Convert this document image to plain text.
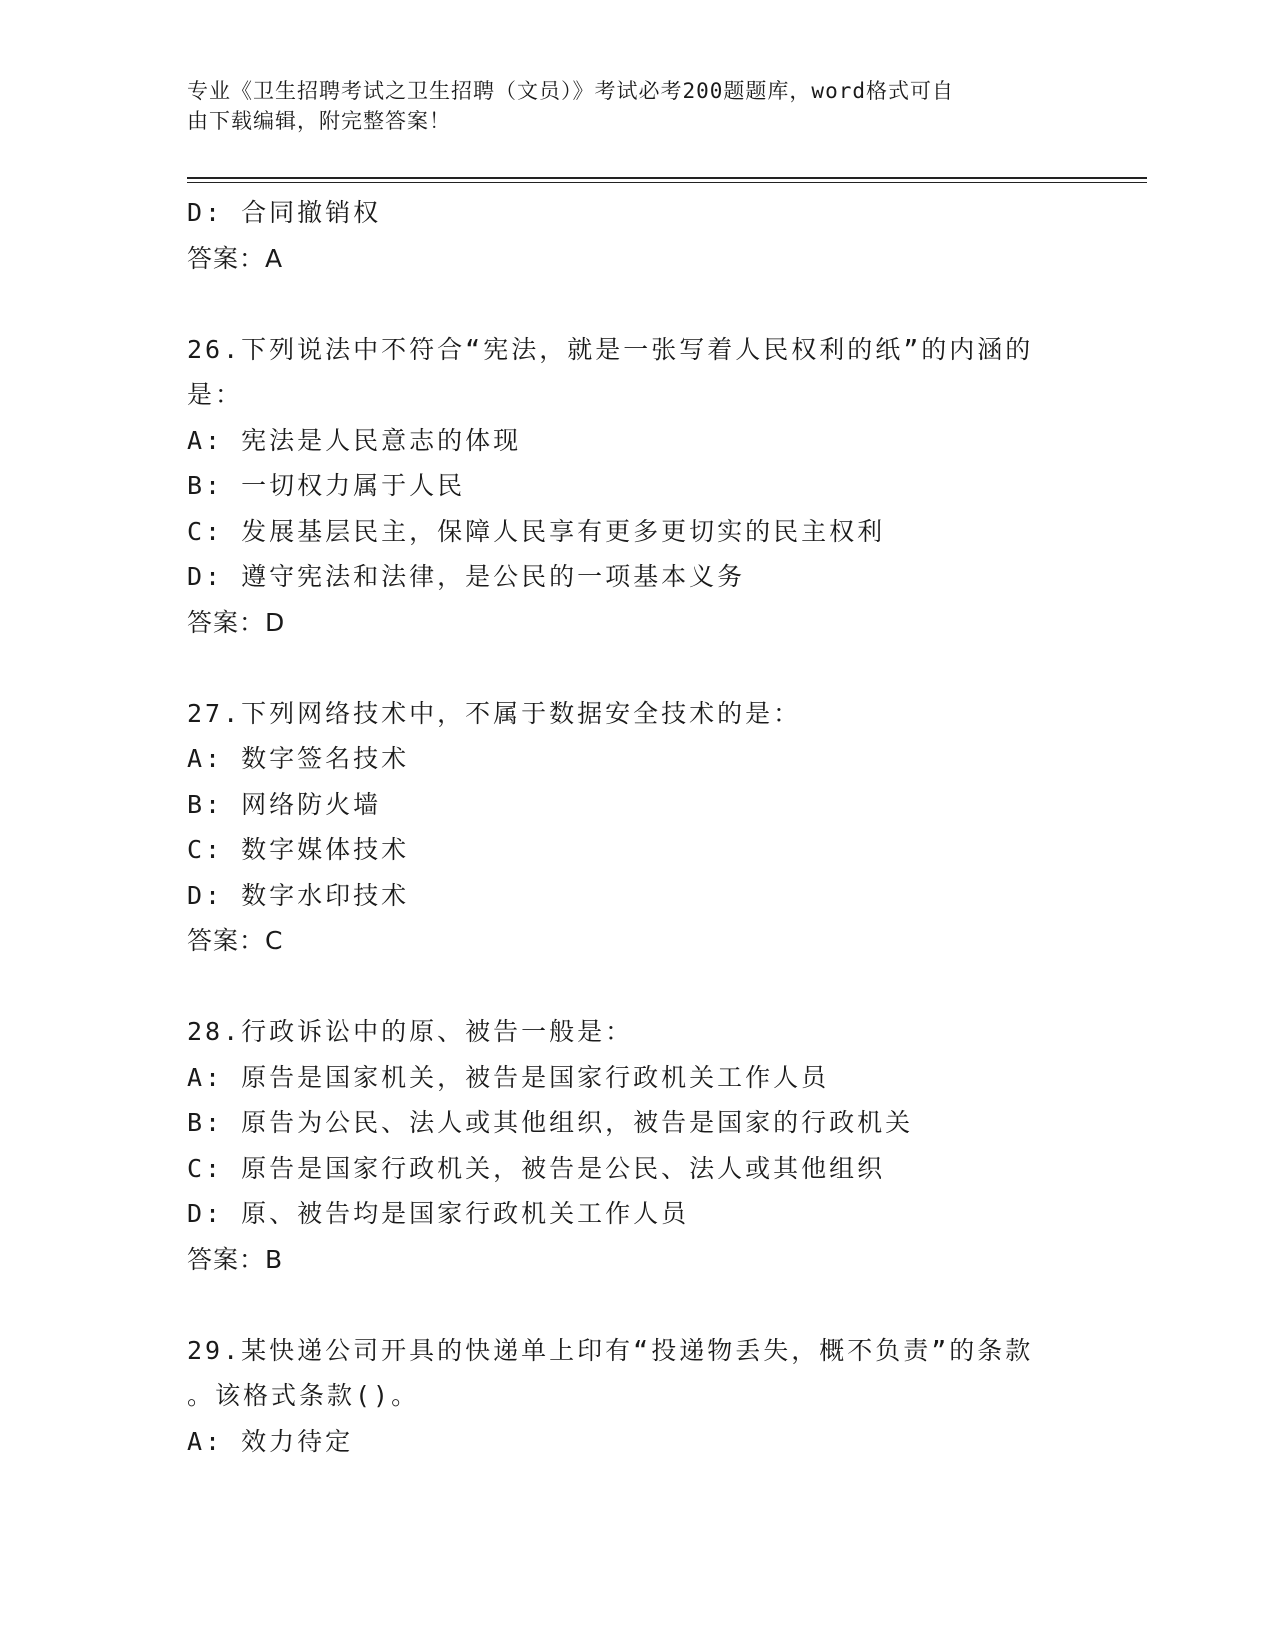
专业《卫生招聘考试之卫生招聘（文员）》考试必考200题题库，word格式可自
由下载编辑，附完整答案！
D: 合同撤销权
答案：A
26.下列说法中不符合“宪法，就是一张写着人民权利的纸”的内涵的
是：
A: 宪法是人民意志的体现
B: 一切权力属于人民
C: 发展基层民主，保障人民享有更多更切实的民主权利
D: 遵守宪法和法律，是公民的一项基本义务
答案：D
27.下列网络技术中，不属于数据安全技术的是：
A: 数字签名技术
B: 网络防火墙
C: 数字媒体技术
D: 数字水印技术
答案：C
28.行政诉讼中的原、被告一般是：
A: 原告是国家机关，被告是国家行政机关工作人员
B: 原告为公民、法人或其他组织，被告是国家的行政机关
C: 原告是国家行政机关，被告是公民、法人或其他组织
D: 原、被告均是国家行政机关工作人员
答案：B
29.某快递公司开具的快递单上印有“投递物丢失，概不负责”的条款
。该格式条款()。
A: 效力待定
